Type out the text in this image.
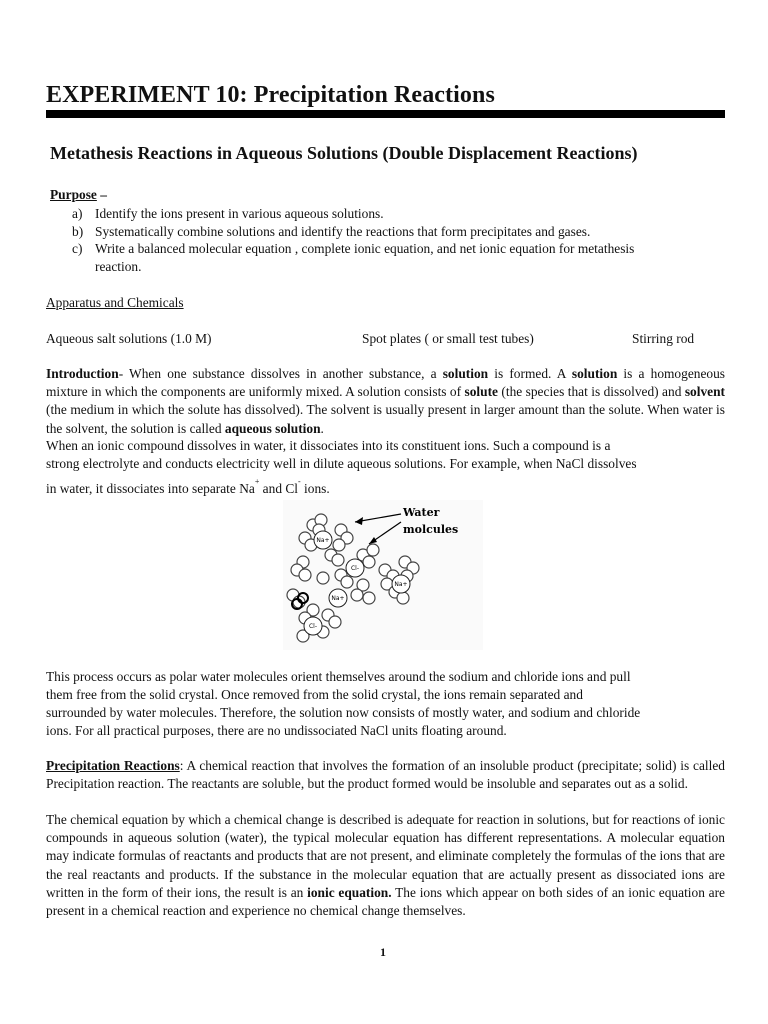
EXPERIMENT 10: Precipitation Reactions
Metathesis Reactions in Aqueous Solutions (Double Displacement Reactions)
Purpose –
a) Identify the ions present in various aqueous solutions.
b) Systematically combine solutions and identify the reactions that form precipitates and gases.
c) Write a balanced molecular equation , complete ionic equation, and net ionic equation for metathesis
reaction.
Apparatus and Chemicals
Aqueous salt solutions (1.0 M)	Spot plates ( or small test tubes)	Stirring rod
Introduction- When one substance dissolves in another substance, a solution is formed. A solution is a homogeneous mixture in which the components are uniformly mixed. A solution consists of solute (the species that is dissolved) and solvent (the medium in which the solute has dissolved). The solvent is usually present in larger amount than the solute. When water is the solvent, the solution is called aqueous solution.
When an ionic compound dissolves in water, it dissociates into its constituent ions. Such a compound is a
strong electrolyte and conducts electricity well in dilute aqueous solutions. For example, when NaCl dissolves
in water, it dissociates into separate Na+ and Cl- ions.
Na+
Cl-
Na+
Na+
Cl-
Water
molcules
This process occurs as polar water molecules orient themselves around the sodium and chloride ions and pull
them free from the solid crystal. Once removed from the solid crystal, the ions remain separated and
surrounded by water molecules. Therefore, the solution now consists of mostly water, and sodium and chloride
ions. For all practical purposes, there are no undissociated NaCl units floating around.
Precipitation Reactions: A chemical reaction that involves the formation of an insoluble product (precipitate; solid) is called Precipitation reaction. The reactants are soluble, but the product formed would be insoluble and separates out as a solid.
The chemical equation by which a chemical change is described is adequate for reaction in solutions, but for reactions of ionic compounds in aqueous solution (water), the typical molecular equation has different representations. A molecular equation may indicate formulas of reactants and products that are not present, and eliminate completely the formulas of the ions that are the real reactants and products. If the substance in the molecular equation that are actually present as dissociated ions are written in the form of their ions, the result is an ionic equation. The ions which appear on both sides of an ionic equation are present in a chemical reaction and experience no chemical change themselves.
1
